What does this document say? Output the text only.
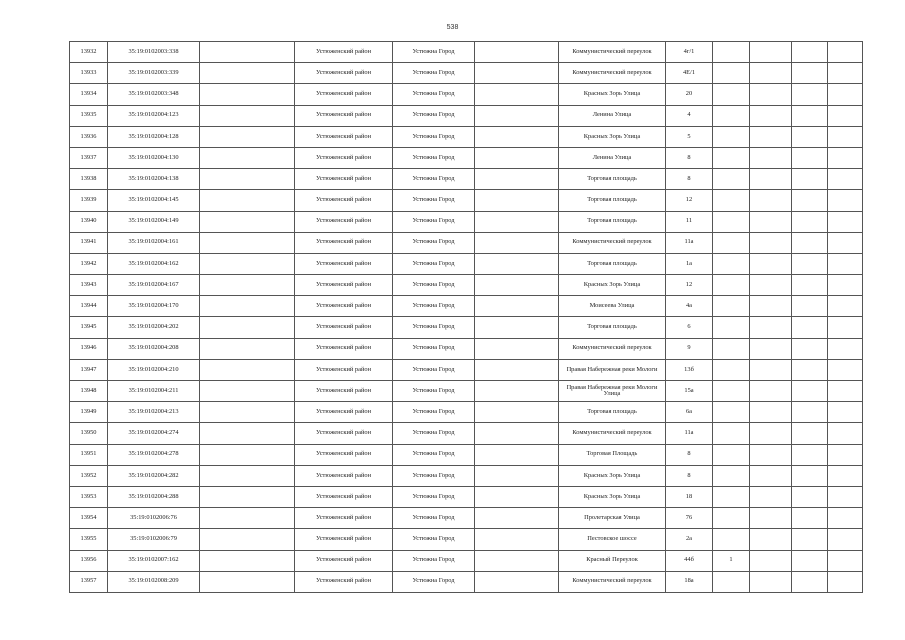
538
13932	35:19:0102003:338		Устюженский район	Устюжна Город		Коммунистический переулок	4г/1				
13933	35:19:0102003:339		Устюженский район	Устюжна Город		Коммунистический переулок	4Е/1				
13934	35:19:0102003:348		Устюженский район	Устюжна Город		Красных Зорь Улица	20				
13935	35:19:0102004:123		Устюженский район	Устюжна Город		Ленина Улица	4				
13936	35:19:0102004:128		Устюженский район	Устюжна Город		Красных Зорь Улица	5				
13937	35:19:0102004:130		Устюженский район	Устюжна Город		Ленина Улица	8				
13938	35:19:0102004:138		Устюженский район	Устюжна Город		Торговая площадь	8				
13939	35:19:0102004:145		Устюженский район	Устюжна Город		Торговая площадь	12				
13940	35:19:0102004:149		Устюженский район	Устюжна Город		Торговая площадь	11				
13941	35:19:0102004:161		Устюженский район	Устюжна Город		Коммунистический переулок	11а				
13942	35:19:0102004:162		Устюженский район	Устюжна Город		Торговая площадь	1а				
13943	35:19:0102004:167		Устюженский район	Устюжна Город		Красных Зорь Улица	12				
13944	35:19:0102004:170		Устюженский район	Устюжна Город		Моисеева Улица	4а				
13945	35:19:0102004:202		Устюженский район	Устюжна Город		Торговая площадь	6				
13946	35:19:0102004:208		Устюженский район	Устюжна Город		Коммунистический переулок	9				
13947	35:19:0102004:210		Устюженский район	Устюжна Город		Правая Набережная реки Мологи	13б				
13948	35:19:0102004:211		Устюженский район	Устюжна Город		Правая Набережная реки Мологи Улица	15а				
13949	35:19:0102004:213		Устюженский район	Устюжна Город		Торговая площадь	6а				
13950	35:19:0102004:274		Устюженский район	Устюжна Город		Коммунистический переулок	11а				
13951	35:19:0102004:278		Устюженский район	Устюжна Город		Торговая Площадь	8				
13952	35:19:0102004:282		Устюженский район	Устюжна Город		Красных Зорь Улица	8				
13953	35:19:0102004:288		Устюженский район	Устюжна Город		Красных Зорь Улица	18				
13954	35:19:0102006:76		Устюженский район	Устюжна Город		Пролетарская Улица	76				
13955	35:19:0102006:79		Устюженский район	Устюжна Город		Пестовское шоссе	2а				
13956	35:19:0102007:162		Устюженский район	Устюжна Город		Красный Переулок	44б	1			
13957	35:19:0102008:209		Устюженский район	Устюжна Город		Коммунистический переулок	18а				
